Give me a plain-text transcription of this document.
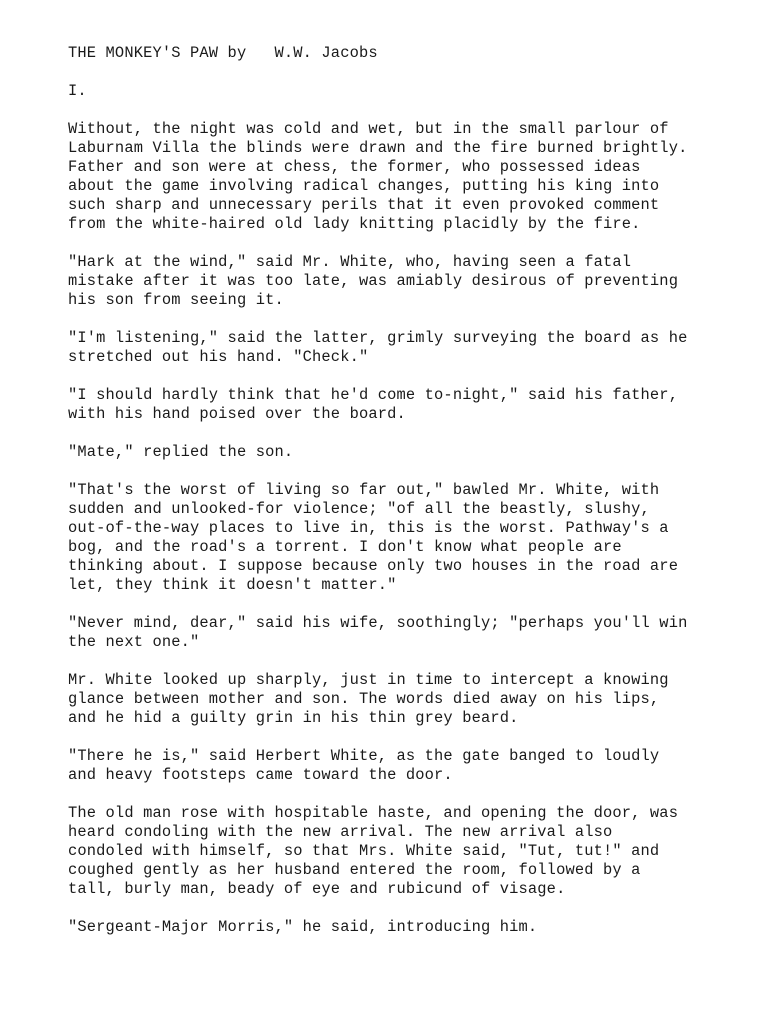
THE MONKEY'S PAW by   W.W. Jacobs
I.
Without, the night was cold and wet, but in the small parlour of
Laburnam Villa the blinds were drawn and the fire burned brightly.
Father and son were at chess, the former, who possessed ideas
about the game involving radical changes, putting his king into
such sharp and unnecessary perils that it even provoked comment
from the white-haired old lady knitting placidly by the fire.
"Hark at the wind," said Mr. White, who, having seen a fatal
mistake after it was too late, was amiably desirous of preventing
his son from seeing it.
"I'm listening," said the latter, grimly surveying the board as he
stretched out his hand. "Check."
"I should hardly think that he'd come to-night," said his father,
with his hand poised over the board.
"Mate," replied the son.
"That's the worst of living so far out," bawled Mr. White, with
sudden and unlooked-for violence; "of all the beastly, slushy,
out-of-the-way places to live in, this is the worst. Pathway's a
bog, and the road's a torrent. I don't know what people are
thinking about. I suppose because only two houses in the road are
let, they think it doesn't matter."
"Never mind, dear," said his wife, soothingly; "perhaps you'll win
the next one."
Mr. White looked up sharply, just in time to intercept a knowing
glance between mother and son. The words died away on his lips,
and he hid a guilty grin in his thin grey beard.
"There he is," said Herbert White, as the gate banged to loudly
and heavy footsteps came toward the door.
The old man rose with hospitable haste, and opening the door, was
heard condoling with the new arrival. The new arrival also
condoled with himself, so that Mrs. White said, "Tut, tut!" and
coughed gently as her husband entered the room, followed by a
tall, burly man, beady of eye and rubicund of visage.
"Sergeant-Major Morris," he said, introducing him.
